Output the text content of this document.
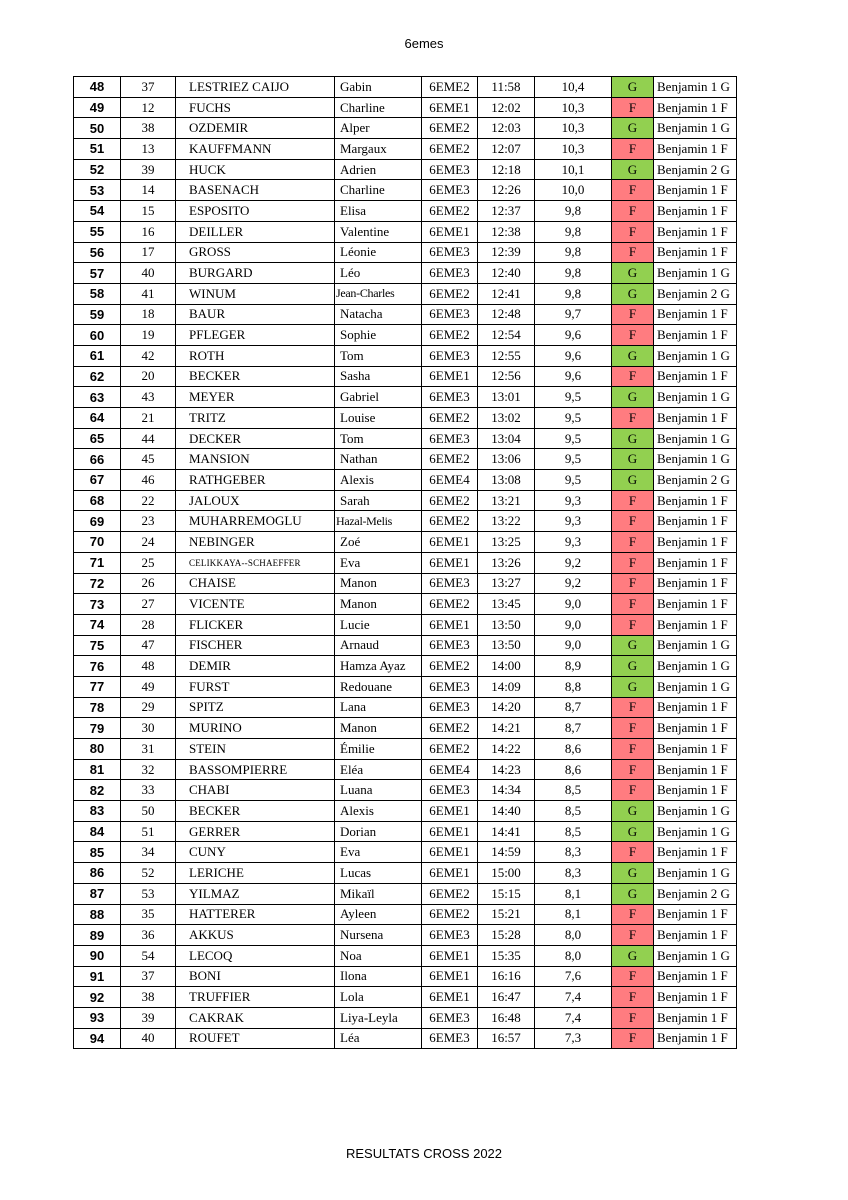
6emes
48	37	LESTRIEZ CAIJO	Gabin	6EME2	11:58	10,4	G	Benjamin 1 G
49	12	FUCHS	Charline	6EME1	12:02	10,3	F	Benjamin 1 F
50	38	OZDEMIR	Alper	6EME2	12:03	10,3	G	Benjamin 1 G
51	13	KAUFFMANN	Margaux	6EME2	12:07	10,3	F	Benjamin 1 F
52	39	HUCK	Adrien	6EME3	12:18	10,1	G	Benjamin 2 G
53	14	BASENACH	Charline	6EME3	12:26	10,0	F	Benjamin 1 F
54	15	ESPOSITO	Elisa	6EME2	12:37	9,8	F	Benjamin 1 F
55	16	DEILLER	Valentine	6EME1	12:38	9,8	F	Benjamin 1 F
56	17	GROSS	Léonie	6EME3	12:39	9,8	F	Benjamin 1 F
57	40	BURGARD	Léo	6EME3	12:40	9,8	G	Benjamin 1 G
58	41	WINUM	Jean-Charles	6EME2	12:41	9,8	G	Benjamin 2 G
59	18	BAUR	Natacha	6EME3	12:48	9,7	F	Benjamin 1 F
60	19	PFLEGER	Sophie	6EME2	12:54	9,6	F	Benjamin 1 F
61	42	ROTH	Tom	6EME3	12:55	9,6	G	Benjamin 1 G
62	20	BECKER	Sasha	6EME1	12:56	9,6	F	Benjamin 1 F
63	43	MEYER	Gabriel	6EME3	13:01	9,5	G	Benjamin 1 G
64	21	TRITZ	Louise	6EME2	13:02	9,5	F	Benjamin 1 F
65	44	DECKER	Tom	6EME3	13:04	9,5	G	Benjamin 1 G
66	45	MANSION	Nathan	6EME2	13:06	9,5	G	Benjamin 1 G
67	46	RATHGEBER	Alexis	6EME4	13:08	9,5	G	Benjamin 2 G
68	22	JALOUX	Sarah	6EME2	13:21	9,3	F	Benjamin 1 F
69	23	MUHARREMOGLU	Hazal-Melis	6EME2	13:22	9,3	F	Benjamin 1 F
70	24	NEBINGER	Zoé	6EME1	13:25	9,3	F	Benjamin 1 F
71	25	CELIKKAYA--SCHAEFFER	Eva	6EME1	13:26	9,2	F	Benjamin 1 F
72	26	CHAISE	Manon	6EME3	13:27	9,2	F	Benjamin 1 F
73	27	VICENTE	Manon	6EME2	13:45	9,0	F	Benjamin 1 F
74	28	FLICKER	Lucie	6EME1	13:50	9,0	F	Benjamin 1 F
75	47	FISCHER	Arnaud	6EME3	13:50	9,0	G	Benjamin 1 G
76	48	DEMIR	Hamza Ayaz	6EME2	14:00	8,9	G	Benjamin 1 G
77	49	FURST	Redouane	6EME3	14:09	8,8	G	Benjamin 1 G
78	29	SPITZ	Lana	6EME3	14:20	8,7	F	Benjamin 1 F
79	30	MURINO	Manon	6EME2	14:21	8,7	F	Benjamin 1 F
80	31	STEIN	Émilie	6EME2	14:22	8,6	F	Benjamin 1 F
81	32	BASSOMPIERRE	Eléa	6EME4	14:23	8,6	F	Benjamin 1 F
82	33	CHABI	Luana	6EME3	14:34	8,5	F	Benjamin 1 F
83	50	BECKER	Alexis	6EME1	14:40	8,5	G	Benjamin 1 G
84	51	GERRER	Dorian	6EME1	14:41	8,5	G	Benjamin 1 G
85	34	CUNY	Eva	6EME1	14:59	8,3	F	Benjamin 1 F
86	52	LERICHE	Lucas	6EME1	15:00	8,3	G	Benjamin 1 G
87	53	YILMAZ	Mikaïl	6EME2	15:15	8,1	G	Benjamin 2 G
88	35	HATTERER	Ayleen	6EME2	15:21	8,1	F	Benjamin 1 F
89	36	AKKUS	Nursena	6EME3	15:28	8,0	F	Benjamin 1 F
90	54	LECOQ	Noa	6EME1	15:35	8,0	G	Benjamin 1 G
91	37	BONI	Ilona	6EME1	16:16	7,6	F	Benjamin 1 F
92	38	TRUFFIER	Lola	6EME1	16:47	7,4	F	Benjamin 1 F
93	39	CAKRAK	Liya-Leyla	6EME3	16:48	7,4	F	Benjamin 1 F
94	40	ROUFET	Léa	6EME3	16:57	7,3	F	Benjamin 1 F
RESULTATS CROSS 2022
